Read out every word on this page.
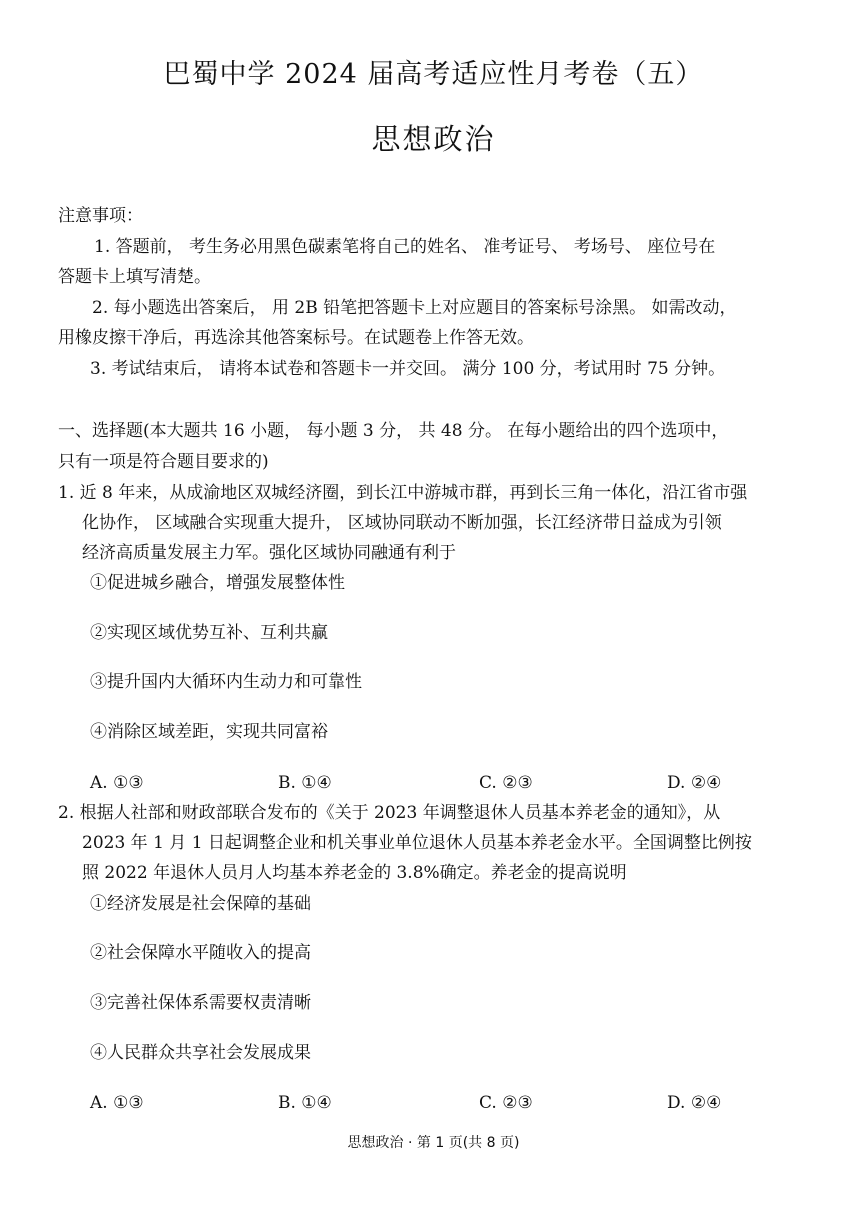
巴蜀中学 2024 届高考适应性月考卷（五）
思想政治
注意事项：
1. 答题前， 考生务必用黑色碳素笔将自己的姓名、 准考证号、 考场号、 座位号在
答题卡上填写清楚。
2. 每小题选出答案后， 用 2B 铅笔把答题卡上对应题目的答案标号涂黑。 如需改动，
用橡皮擦干净后，再选涂其他答案标号。在试题卷上作答无效。
3. 考试结束后， 请将本试卷和答题卡一并交回。 满分 100 分，考试用时 75 分钟。
一、选择题(本大题共 16 小题， 每小题 3 分， 共 48 分。 在每小题给出的四个选项中，
只有一项是符合题目要求的)
1. 近 8 年来，从成渝地区双城经济圈，到长江中游城市群，再到长三角一体化，沿江省市强
化协作， 区域融合实现重大提升， 区域协同联动不断加强，长江经济带日益成为引领
经济高质量发展主力军。强化区域协同融通有利于
①促进城乡融合，增强发展整体性
②实现区域优势互补、互利共赢
③提升国内大循环内生动力和可靠性
④消除区域差距，实现共同富裕
A. ①③	B. ①④	C. ②③	D. ②④
2. 根据人社部和财政部联合发布的《关于 2023 年调整退休人员基本养老金的通知》，从
2023 年 1 月 1 日起调整企业和机关事业单位退休人员基本养老金水平。全国调整比例按
照 2022 年退休人员月人均基本养老金的 3.8%确定。养老金的提高说明
①经济发展是社会保障的基础
②社会保障水平随收入的提高
③完善社保体系需要权责清晰
④人民群众共享社会发展成果
A. ①③	B. ①④	C. ②③	D. ②④
思想政治 · 第 1 页(共 8 页)
